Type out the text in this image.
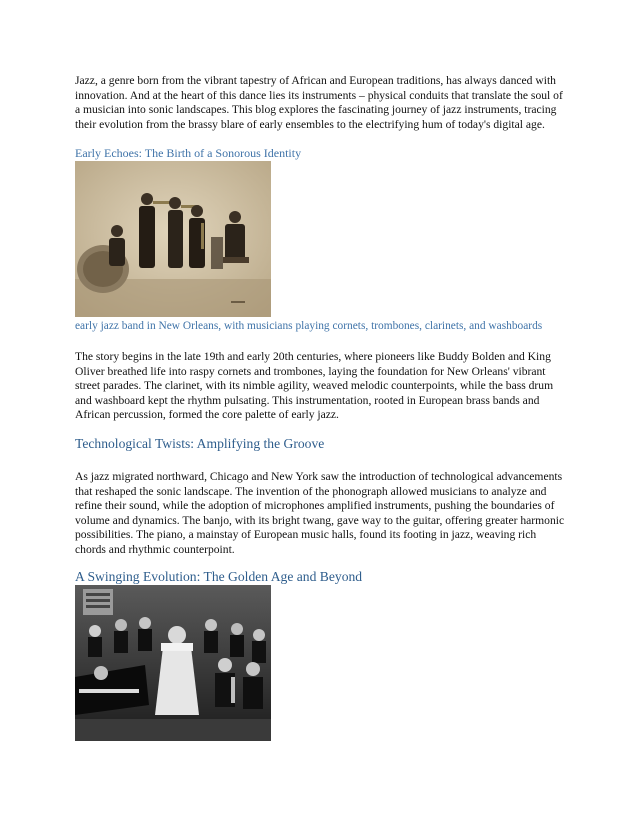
Jazz, a genre born from the vibrant tapestry of African and European traditions, has always danced with innovation. And at the heart of this dance lies its instruments – physical conduits that translate the soul of a musician into sonic landscapes. This blog explores the fascinating journey of jazz instruments, tracing their evolution from the brassy blare of early ensembles to the electrifying hum of today's digital age.

Early Echoes: The Birth of a Sonorous Identity

early jazz band in New Orleans, with musicians playing cornets, trombones, clarinets, and washboards

The story begins in the late 19th and early 20th centuries, where pioneers like Buddy Bolden and King Oliver breathed life into raspy cornets and trombones, laying the foundation for New Orleans' vibrant street parades. The clarinet, with its nimble agility, weaved melodic counterpoints, while the bass drum and washboard kept the rhythm pulsating. This instrumentation, rooted in European brass bands and African percussion, formed the core palette of early jazz.

Technological Twists: Amplifying the Groove

As jazz migrated northward, Chicago and New York saw the introduction of technological advancements that reshaped the sonic landscape. The invention of the phonograph allowed musicians to analyze and refine their sound, while the adoption of microphones amplified instruments, pushing the boundaries of volume and dynamics. The banjo, with its bright twang, gave way to the guitar, offering greater harmonic possibilities. The piano, a mainstay of European music halls, found its footing in jazz, weaving rich chords and rhythmic counterpoint.

A Swinging Evolution: The Golden Age and Beyond
